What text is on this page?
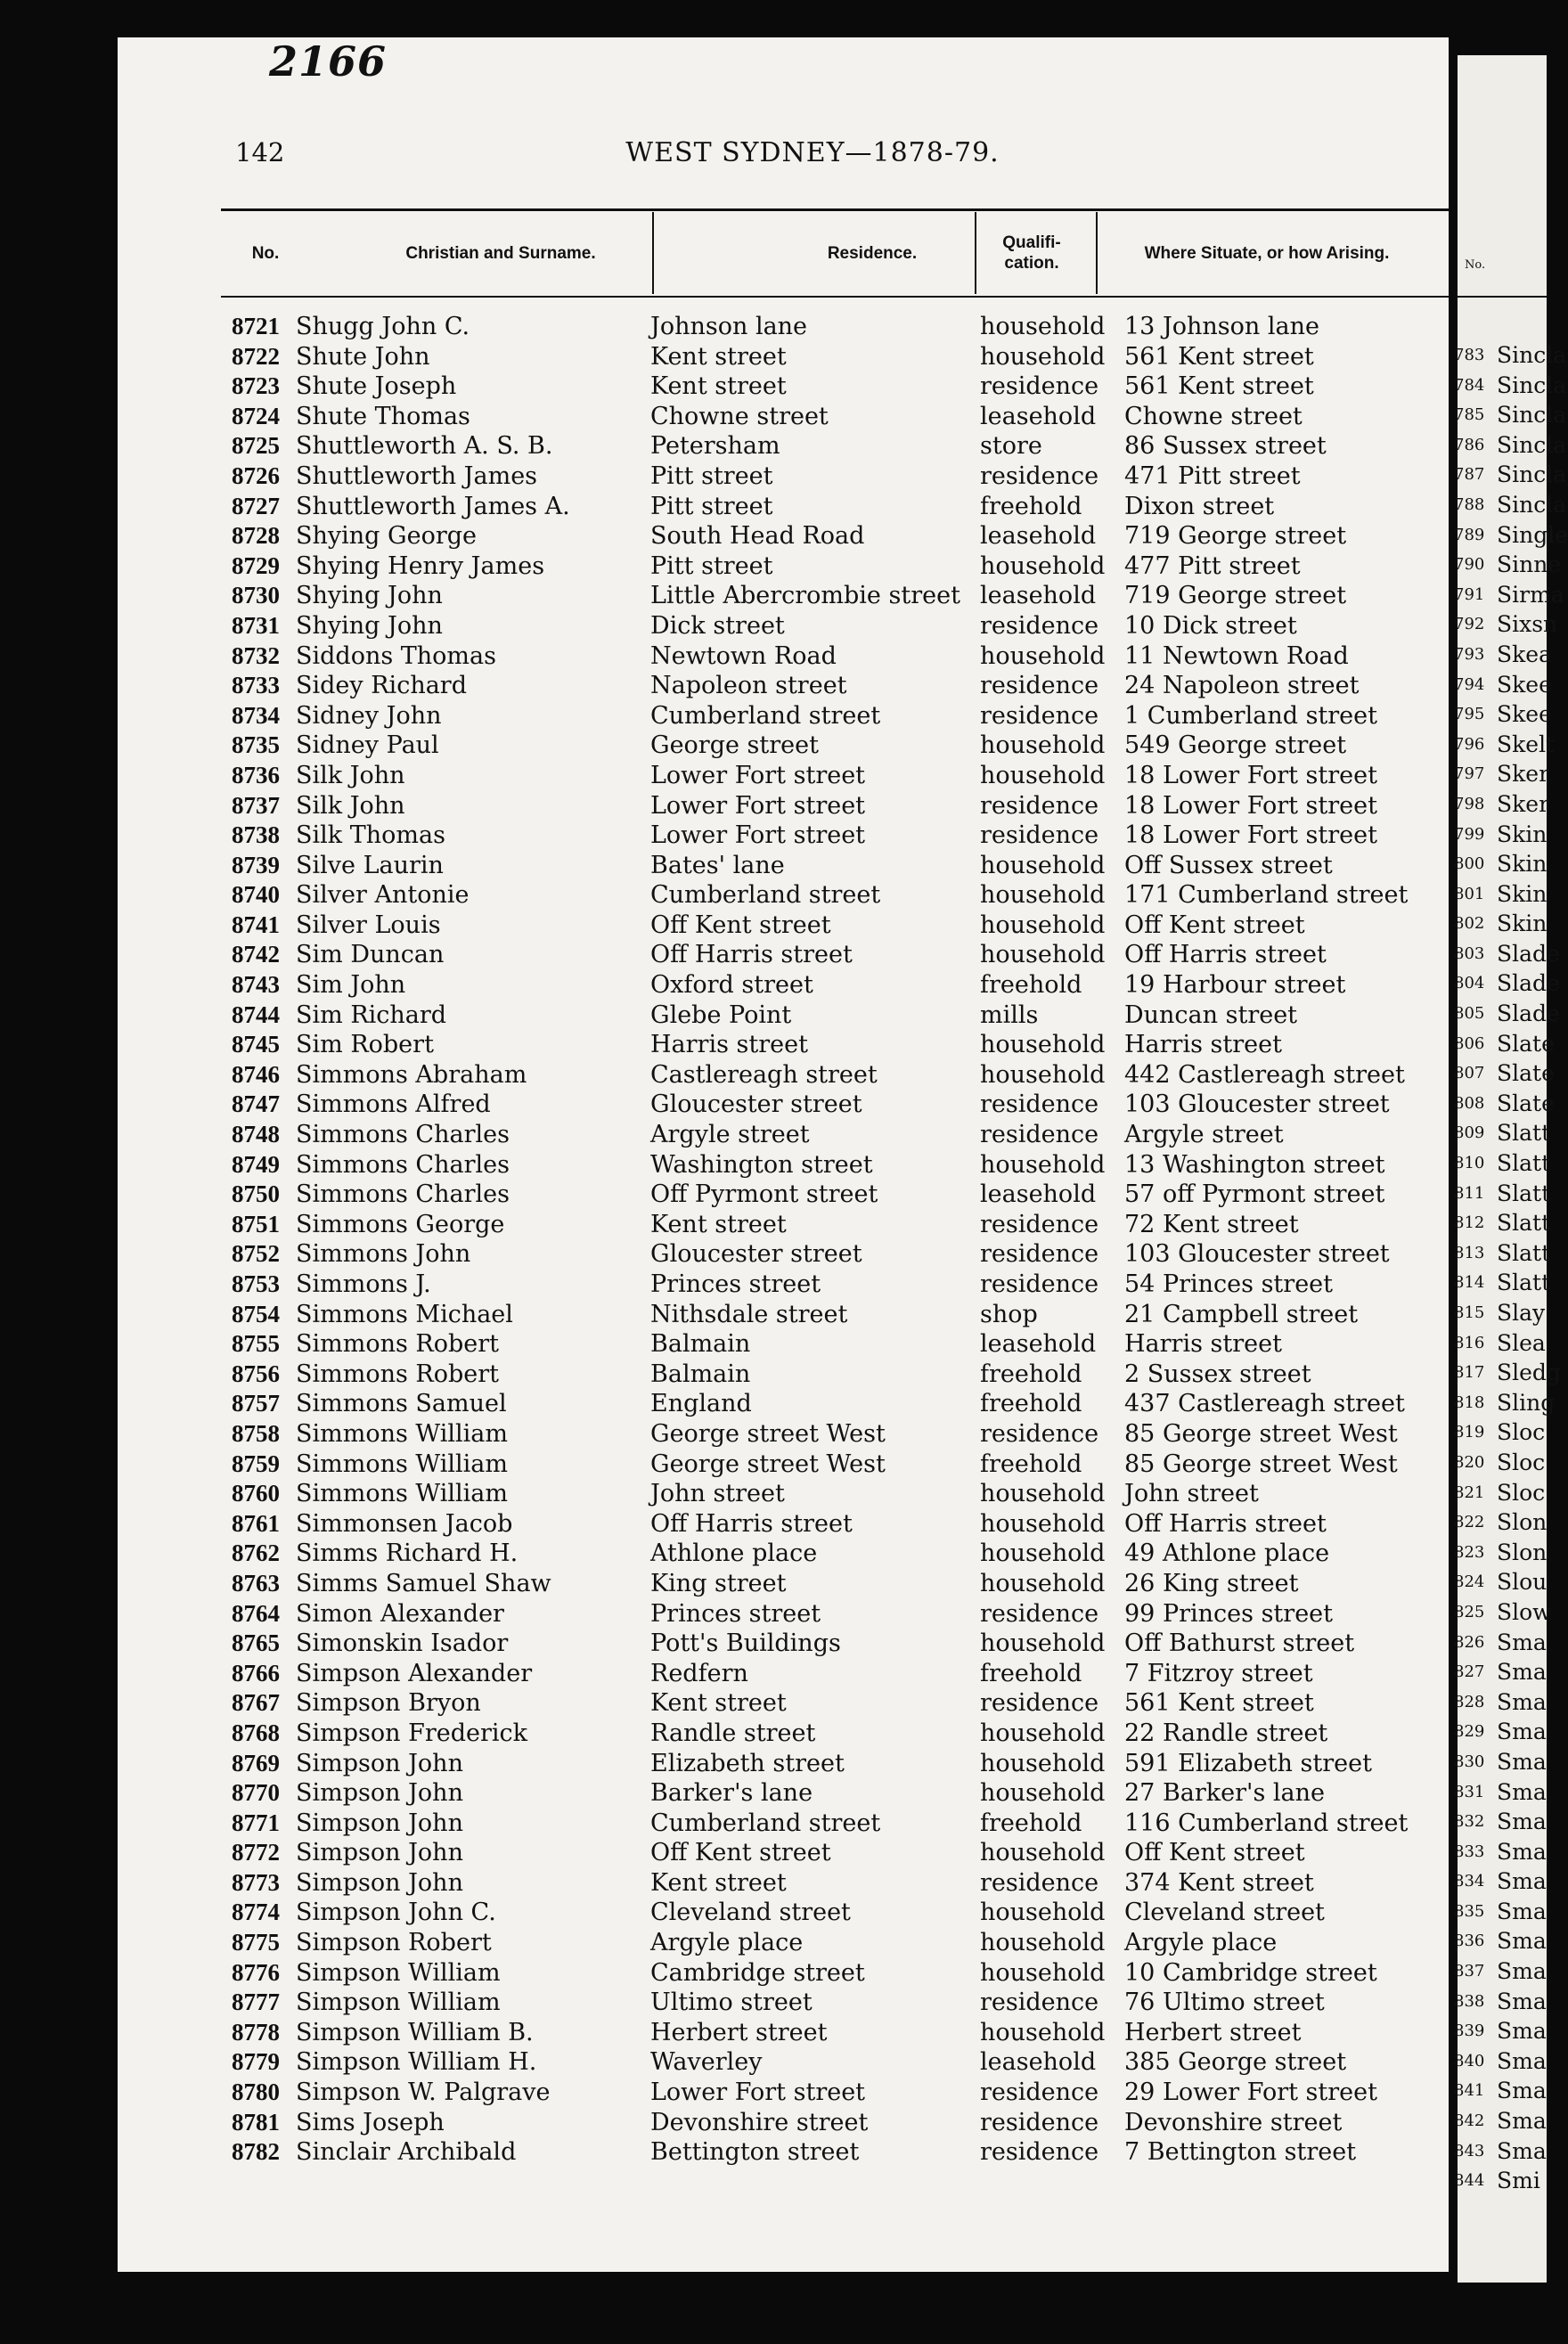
2166
142	WEST SYDNEY—1878-79.
No.	Christian and Surname.	Residence.
Qualifi-cation.
Where Situate, or how Arising.
8721 Shugg John C.	Johnson lane	household 13 Johnson lane
8722 Shute John	Kent street	household 561 Kent street
8723 Shute Joseph	Kent street	residence 561 Kent street
8724 Shute Thomas	Chowne street	leasehold Chowne street
8725 Shuttleworth A. S. B.	Petersham	store	86 Sussex street
8726 Shuttleworth James	Pitt street	residence 471 Pitt street
8727 Shuttleworth James A.	Pitt street	freehold Dixon street
8728 Shying George	South Head Road	leasehold 719 George street
8729 Shying Henry James	Pitt street	household 477 Pitt street
8730 Shying John	Little Abercrombie street leasehold 719 George street
8731 Shying John	Dick street	residence 10 Dick street
8732 Siddons Thomas	Newtown Road	household 11 Newtown Road
8733 Sidey Richard	Napoleon street	residence 24 Napoleon street
8734 Sidney John	Cumberland street	residence 1 Cumberland street
8735 Sidney Paul	George street	household 549 George street
8736 Silk John	Lower Fort street	household 18 Lower Fort street
8737 Silk John	Lower Fort street	residence 18 Lower Fort street
8738 Silk Thomas	Lower Fort street	residence 18 Lower Fort street
8739 Silve Laurin	Bates' lane	household Off Sussex street
8740 Silver Antonie	Cumberland street	household 171 Cumberland street
8741 Silver Louis	Off Kent street	household Off Kent street
8742 Sim Duncan	Off Harris street	household Off Harris street
8743 Sim John	Oxford street	freehold 19 Harbour street
8744 Sim Richard	Glebe Point	mills	Duncan street
8745 Sim Robert	Harris street	household Harris street
8746 Simmons Abraham	Castlereagh street	household 442 Castlereagh street
8747 Simmons Alfred	Gloucester street	residence 103 Gloucester street
8748 Simmons Charles	Argyle street	residence Argyle street
8749 Simmons Charles	Washington street	household 13 Washington street
8750 Simmons Charles	Off Pyrmont street	leasehold 57 off Pyrmont street
8751 Simmons George	Kent street	residence 72 Kent street
8752 Simmons John	Gloucester street	residence 103 Gloucester street
8753 Simmons J.	Princes street	residence 54 Princes street
8754 Simmons Michael	Nithsdale street	shop	21 Campbell street
8755 Simmons Robert	Balmain	leasehold Harris street
8756 Simmons Robert	Balmain	freehold 2 Sussex street
8757 Simmons Samuel	England	freehold 437 Castlereagh street
8758 Simmons William	George street West	residence 85 George street West
8759 Simmons William	George street West	freehold 85 George street West
8760 Simmons William	John street	household John street
8761 Simmonsen Jacob	Off Harris street	household Off Harris street
8762 Simms Richard H.	Athlone place	household 49 Athlone place
8763 Simms Samuel Shaw	King street	household 26 King street
8764 Simon Alexander	Princes street	residence 99 Princes street
8765 Simonskin Isador	Pott's Buildings	household Off Bathurst street
8766 Simpson Alexander	Redfern	freehold 7 Fitzroy street
8767 Simpson Bryon	Kent street	residence 561 Kent street
8768 Simpson Frederick	Randle street	household 22 Randle street
8769 Simpson John	Elizabeth street	household 591 Elizabeth street
8770 Simpson John	Barker's lane	household 27 Barker's lane
8771 Simpson John	Cumberland street	freehold 116 Cumberland street
8772 Simpson John	Off Kent street	household Off Kent street
8773 Simpson John	Kent street	residence 374 Kent street
8774 Simpson John C.	Cleveland street	household Cleveland street
8775 Simpson Robert	Argyle place	household Argyle place
8776 Simpson William	Cambridge street	household 10 Cambridge street
8777 Simpson William	Ultimo street	residence 76 Ultimo street
8778 Simpson William B.	Herbert street	household Herbert street
8779 Simpson William H.	Waverley	leasehold 385 George street
8780 Simpson W. Palgrave	Lower Fort street	residence 29 Lower Fort street
8781 Sims Joseph	Devonshire street	residence Devonshire street
8782 Sinclair Archibald	Bettington street	residence 7 Bettington street
No.
783 Sincla
784 Sincla
785 Sincla
786 Sincla
787 Sincla
788 Sincla
789 Single
790 Sinne
791 Sirma
792 Sixsn
793 Skea
794 Skee
795 Skee
796 Skelt
797 Sker
798 Sker
799 Skin
800 Skin
801 Skin
802 Skin
803 Slade
804 Slade
805 Slade
806 Slate
807 Slate
808 Slate
809 Slatt
810 Slatt
811 Slatt
812 Slatt
813 Slatt
814 Slatt
815 Slay
816 Slea
817 Sledg
818 Sling
819 Sloc
820 Sloc
821 Sloc
822 Slon
823 Slon
824 Slou
825 Slow
826 Sma
827 Sma
828 Sma
829 Sma
830 Sma
831 Sma
832 Sma
833 Sma
834 Sma
835 Sma
836 Sma
837 Sma
838 Sma
839 Sma
840 Sma
841 Sma
842 Sma
843 Sma
844 Smi
